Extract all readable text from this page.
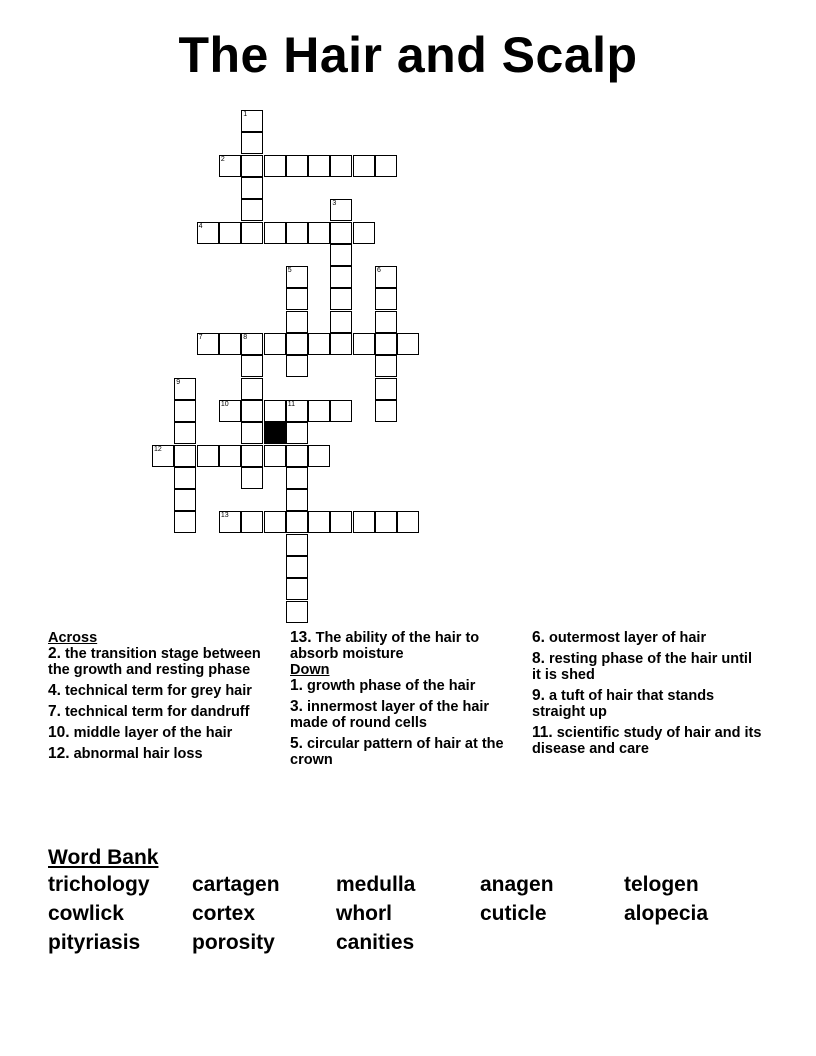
The Hair and Scalp
1
2
3
4
5	6
7	8
9
10	11
12
13
Across
2. the transition stage between the growth and resting phase
4. technical term for grey hair
7. technical term for dandruff
10. middle layer of the hair
12. abnormal hair loss
13. The ability of the hair to absorb moisture
Down
1. growth phase of the hair
3. innermost layer of the hair made of round cells
5. circular pattern of hair at the crown
6. outermost layer of hair
8. resting phase of the hair until it is shed
9. a tuft of hair that stands straight up
11. scientific study of hair and its disease and care
Word Bank
trichology	cartagen	medulla	anagen	telogen
cowlick	cortex	whorl	cuticle	alopecia
pityriasis	porosity	canities
